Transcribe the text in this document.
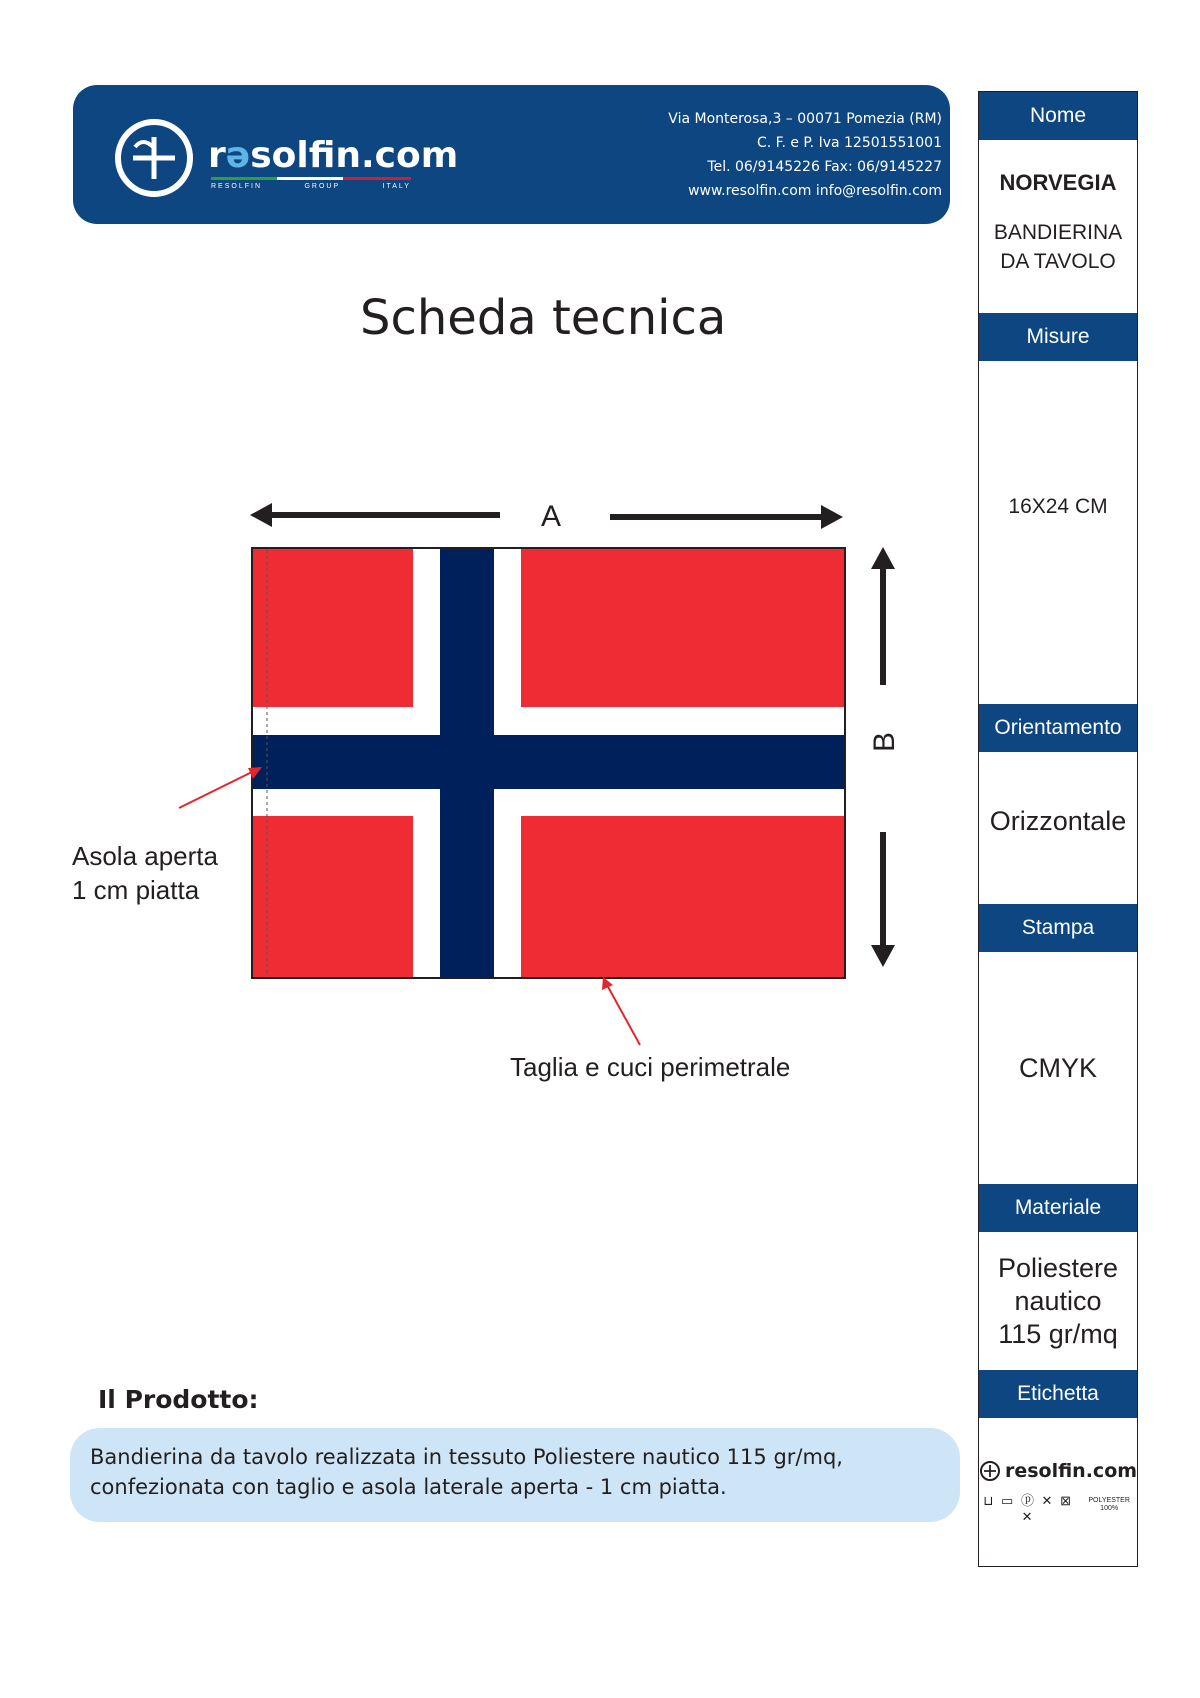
rəsolfin.com
RESOLFIN	GROUP	ITALY
Via Monterosa,3 – 00071 Pomezia (RM)
C. F. e P. Iva 12501551001
Tel. 06/9145226 Fax: 06/9145227
www.resolfin.com info@resolfin.com
Scheda tecnica
A
B
Asola aperta
1 cm piatta
Taglia e cuci perimetrale
Il Prodotto:
Bandierina da tavolo realizzata in tessuto Poliestere nautico 115 gr/mq, confezionata con taglio e asola laterale aperta - 1 cm piatta.
Nome
NORVEGIA
BANDIERINA
DA TAVOLO
Misure
16X24 CM
Orientamento
Orizzontale
Stampa
CMYK
Materiale
Poliestere
nautico
115 gr/mq
Etichetta
resolfin.com
⊔ ▭ ⓟ ✕ ⊠ ✕
POLYESTER 100%
